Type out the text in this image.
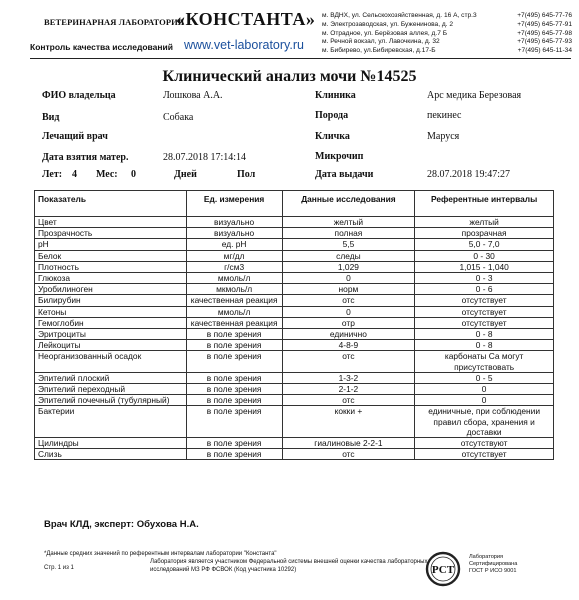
ВЕТЕРИНАРНАЯ ЛАБОРАТОРИЯ
«КОНСТАНТА»
Контроль качества исследований www.vet-laboratory.ru
м. ВДНХ, ул. Сельскохозяйственная, д. 16 А, стр.3	+7(495) 645-77-76
м. Электрозаводская, ул. Буженинова, д. 2	+7(495) 645-77-91
м. Отрадное, ул. Берёзовая аллея, д.7 Б	+7(495) 645-77-98
м. Речной вокзал, ул. Лавочкина, д. 32	+7(495) 645-77-93
м. Бибирево, ул.Бибиревская, д.17-Б	+7(495) 645-11-34
Клинический анализ мочи №14525
ФИО владельца	Лошкова А.А.
Вид	Собака
Лечащий врач
Дата взятия матер.	28.07.2018 17:14:14
Лет: 4 Мес: 0	Дней	Пол
Клиника	Арс медика Березовая
Порода	пекинес
Кличка	Маруся
Микрочип
Дата выдачи	28.07.2018 19:47:27
Показатель	Ед. измерения	Данные исследования	Референтные интервалы
Цвет	визуально	желтый	желтый
Прозрачность	визуально	полная	прозрачная
pH	ед. pH	5,5	5,0 - 7,0
Белок	мг/дл	следы	0 - 30
Плотность	г/см3	1,029	1,015 - 1,040
Глюкоза	ммоль/л	0	0 - 3
Уробилиноген	мкмоль/л	норм	0 - 6
Билирубин	качественная реакция	отс	отсутствует
Кетоны	ммоль/л	0	отсутствует
Гемоглобин	качественная реакция	отр	отсутствует
Эритроциты	в поле зрения	единично	0 - 8
Лейкоциты	в поле зрения	4-8-9	0 - 8
Неорганизованный осадок	в поле зрения	отс	карбонаты Са могут присутствовать
Эпителий плоский	в поле зрения	1-3-2	0 - 5
Эпителий переходный	в поле зрения	2-1-2	0
Эпителий почечный (тубулярный)	в поле зрения	отс	0
Бактерии	в поле зрения	кокки +	единичные, при соблюдении правил сбора, хранения и доставки
Цилиндры	в поле зрения	гиалиновые 2-2-1	отсутствуют
Слизь	в поле зрения	отс	отсутствует
Врач КЛД, эксперт: Обухова Н.А.
*Данные средних значений по референтным интервалам лаборатории "Константа"
Стр. 1 из 1
Лаборатория является участником Федеральной системы внешней оценки качества лабораторных исследований МЗ РФ ФСВОК (Код участника 10292)	РСТ
Лаборатория
Сертифицирована
ГОСТ Р ИСО 9001
